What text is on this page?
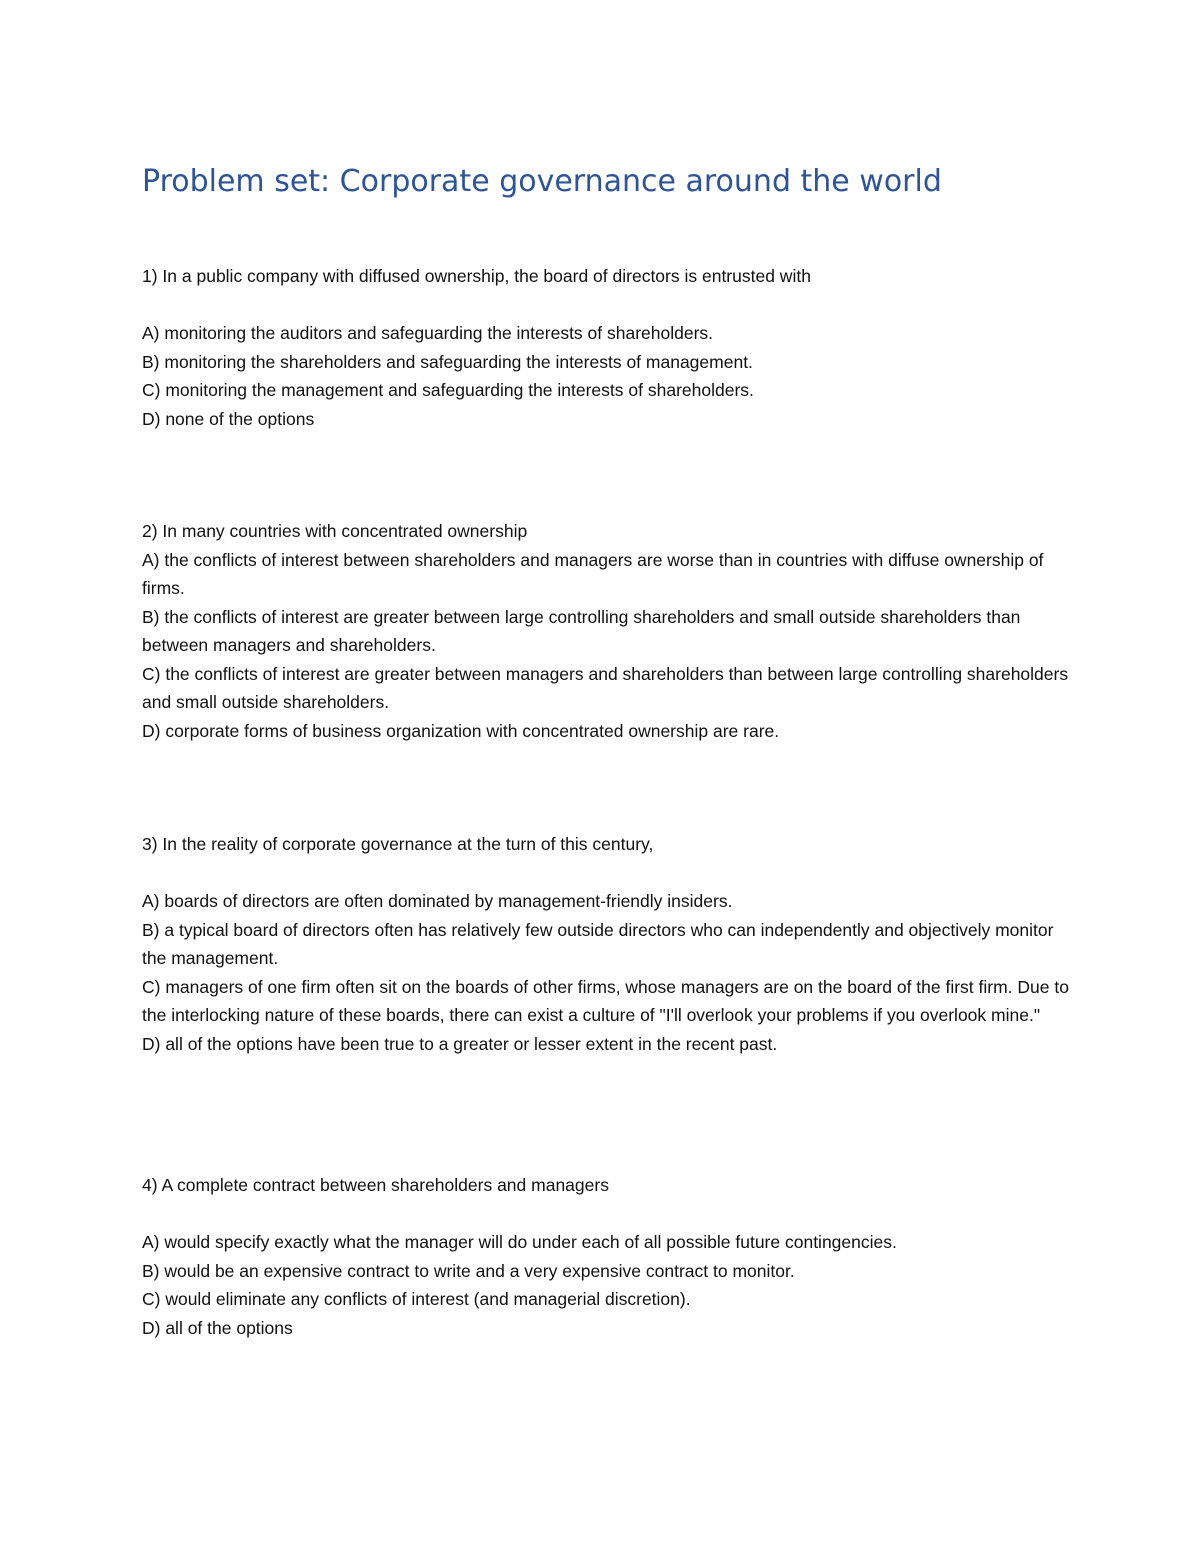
Problem set: Corporate governance around the world

1) In a public company with diffused ownership, the board of directors is entrusted with

A) monitoring the auditors and safeguarding the interests of shareholders.
B) monitoring the shareholders and safeguarding the interests of management.
C) monitoring the management and safeguarding the interests of shareholders.
D) none of the options

2) In many countries with concentrated ownership

A) the conflicts of interest between shareholders and managers are worse than in countries with diffuse ownership of firms.
B) the conflicts of interest are greater between large controlling shareholders and small outside shareholders than between managers and shareholders.
C) the conflicts of interest are greater between managers and shareholders than between large controlling shareholders and small outside shareholders.
D) corporate forms of business organization with concentrated ownership are rare.

3) In the reality of corporate governance at the turn of this century,

A) boards of directors are often dominated by management-friendly insiders.
B) a typical board of directors often has relatively few outside directors who can independently and objectively monitor the management.
C) managers of one firm often sit on the boards of other firms, whose managers are on the board of the first firm. Due to the interlocking nature of these boards, there can exist a culture of "I'll overlook your problems if you overlook mine."
D) all of the options have been true to a greater or lesser extent in the recent past.

4) A complete contract between shareholders and managers

A) would specify exactly what the manager will do under each of all possible future contingencies.
B) would be an expensive contract to write and a very expensive contract to monitor.
C) would eliminate any conflicts of interest (and managerial discretion).
D) all of the options
